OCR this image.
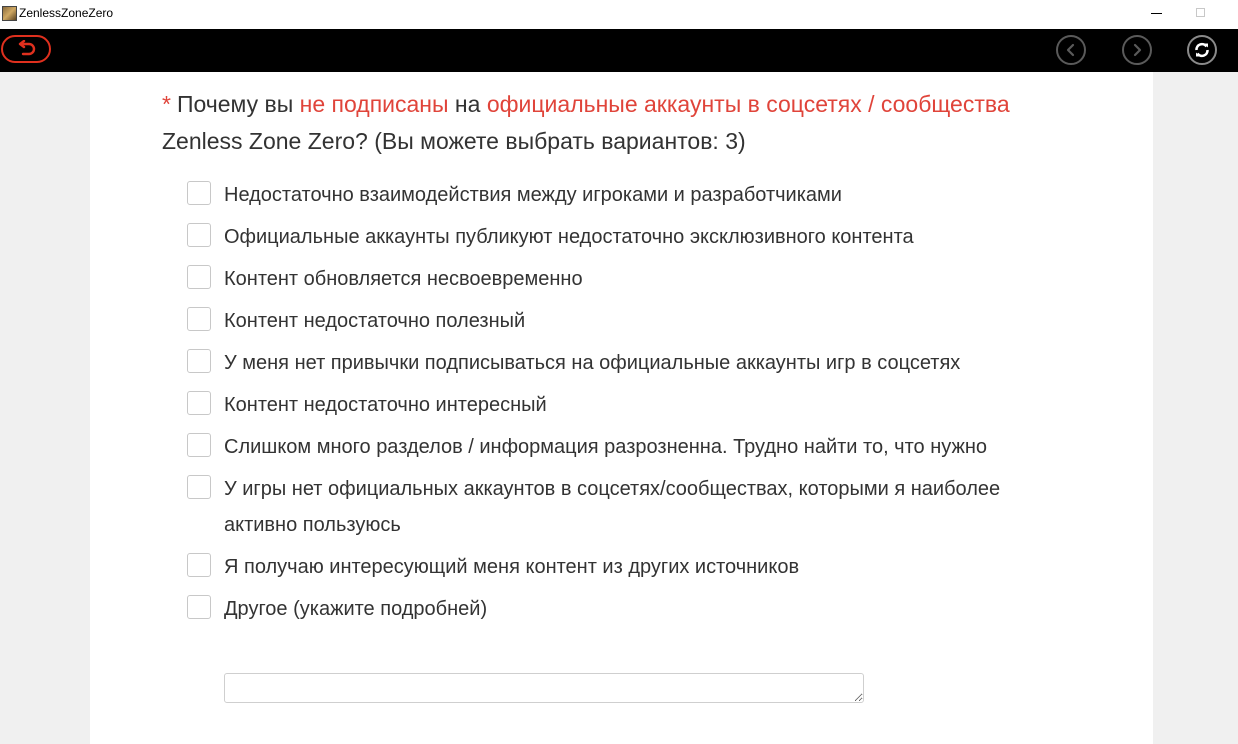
ZenlessZoneZero
* Почему вы не подписаны на официальные аккаунты в соцсетях / сообщества Zenless Zone Zero? (Вы можете выбрать вариантов: 3)
Недостаточно взаимодействия между игроками и разработчиками
Официальные аккаунты публикуют недостаточно эксклюзивного контента
Контент обновляется несвоевременно
Контент недостаточно полезный
У меня нет привычки подписываться на официальные аккаунты игр в соцсетях
Контент недостаточно интересный
Слишком много разделов / информация разрозненна. Трудно найти то, что нужно
У игры нет официальных аккаунтов в соцсетях/сообществах, которыми я наиболее активно пользуюсь
Я получаю интересующий меня контент из других источников
Другое (укажите подробней)
